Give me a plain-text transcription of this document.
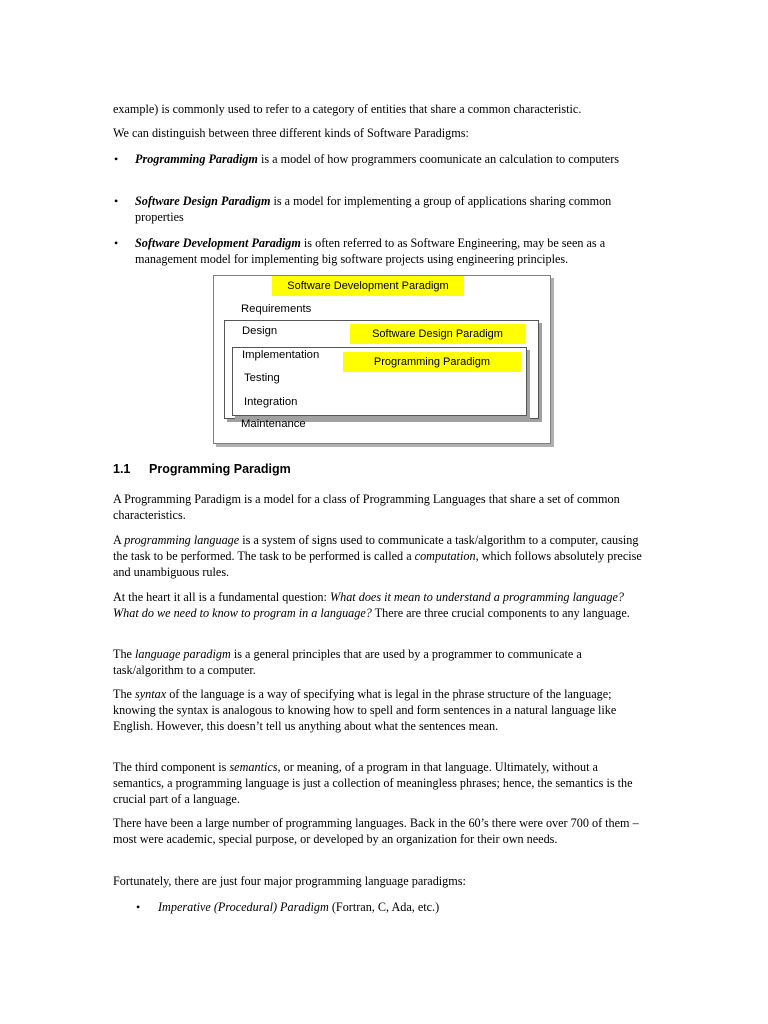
example) is commonly used to refer to a category of entities that share a common characteristic.

We can distinguish between three different kinds of Software Paradigms:

• Programming Paradigm is a model of how programmers coomunicate an calculation to computers

• Software Design Paradigm is a model for implementing a group of applications sharing common properties

• Software Development Paradigm is often referred to as Software Engineering, may be seen as a management model for implementing big software projects using engineering principles.

Software Development Paradigm
Requirements
Design	Software Design Paradigm
Implementation
Programming Paradigm
Testing
Integration
Maintenance
1.1 Programming Paradigm

A Programming Paradigm is a model for a class of Programming Languages that share a set of common characteristics.

A programming language is a system of signs used to communicate a task/algorithm to a computer, causing the task to be performed. The task to be performed is called a computation, which follows absolutely precise and unambiguous rules.

At the heart it all is a fundamental question: What does it mean to understand a programming language? What do we need to know to program in a language? There are three crucial components to any language.

The language paradigm is a general principles that are used by a programmer to communicate a task/algorithm to a computer.

The syntax of the language is a way of specifying what is legal in the phrase structure of the language; knowing the syntax is analogous to knowing how to spell and form sentences in a natural language like English. However, this doesn’t tell us anything about what the sentences mean.

The third component is semantics, or meaning, of a program in that language. Ultimately, without a semantics, a programming language is just a collection of meaningless phrases; hence, the semantics is the crucial part of a language.

There have been a large number of programming languages. Back in the 60’s there were over 700 of them – most were academic, special purpose, or developed by an organization for their own needs.

Fortunately, there are just four major programming language paradigms:

• Imperative (Procedural) Paradigm (Fortran, C, Ada, etc.)
